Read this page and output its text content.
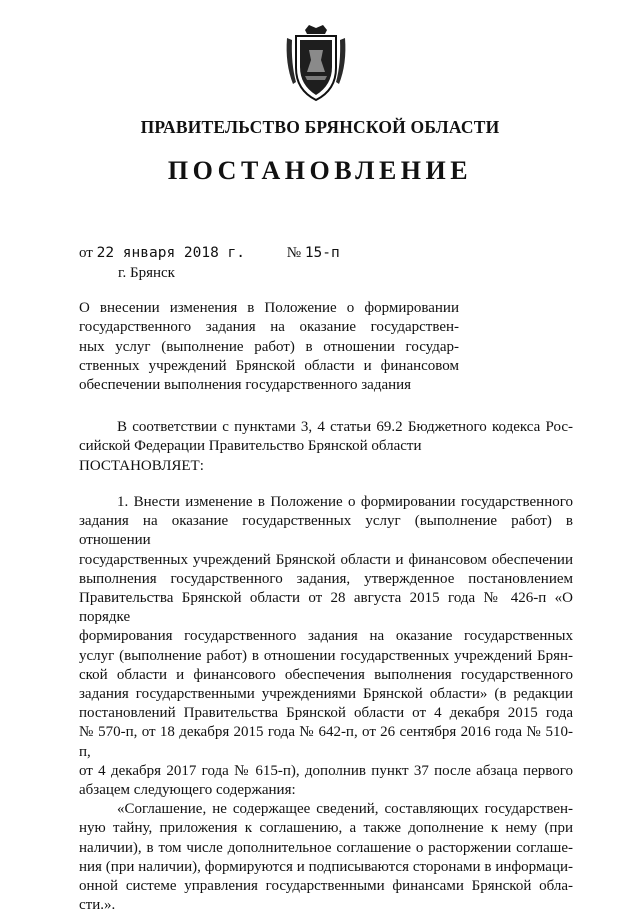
ПРАВИТЕЛЬСТВО БРЯНСКОЙ ОБЛАСТИ
ПОСТАНОВЛЕНИЕ
от 22 января 2018 г.	№ 15-п
г. Брянск
О внесении изменения в Положение о формировании
государственного задания на оказание государствен-
ных услуг (выполнение работ) в отношении государ-
ственных учреждений Брянской области и финансовом
обеспечении выполнения государственного задания
В соответствии с пунктами 3, 4 статьи 69.2 Бюджетного кодекса Рос-
сийской Федерации Правительство Брянской области
ПОСТАНОВЛЯЕТ:
1. Внести изменение в Положение о формировании государственного
задания на оказание государственных услуг (выполнение работ) в отношении
государственных учреждений Брянской области и финансовом обеспечении
выполнения государственного задания, утвержденное постановлением
Правительства Брянской области от 28 августа 2015 года № 426-п «О порядке
формирования государственного задания на оказание государственных
услуг (выполнение работ) в отношении государственных учреждений Брян-
ской области и финансового обеспечения выполнения государственного
задания государственными учреждениями Брянской области» (в редакции
постановлений Правительства Брянской области от 4 декабря 2015 года
№ 570-п, от 18 декабря 2015 года № 642-п, от 26 сентября 2016 года № 510-п,
от 4 декабря 2017 года № 615-п), дополнив пункт 37 после абзаца первого
абзацем следующего содержания:
«Соглашение, не содержащее сведений, составляющих государствен-
ную тайну, приложения к соглашению, а также дополнение к нему (при
наличии), в том числе дополнительное соглашение о расторжении соглаше-
ния (при наличии), формируются и подписываются сторонами в информаци-
онной системе управления государственными финансами Брянской обла-
сти.».
